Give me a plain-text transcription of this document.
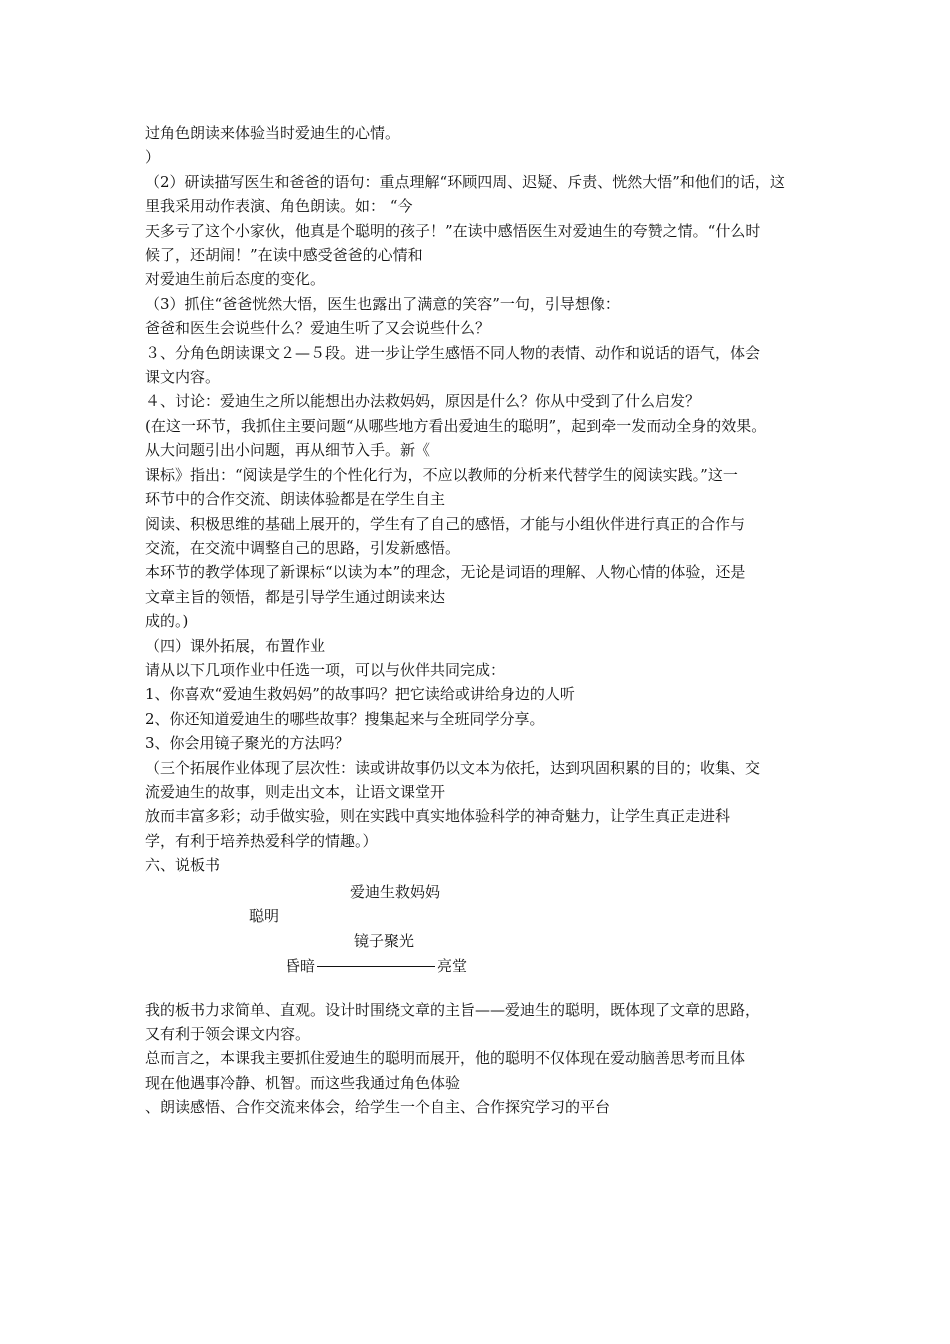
过角色朗读来体验当时爱迪生的心情。
）
（2）研读描写医生和爸爸的语句：重点理解“环顾四周、迟疑、斥责、恍然大悟”和他们的话，这
里我采用动作表演、角色朗读。如： “今
天多亏了这个小家伙，他真是个聪明的孩子！”在读中感悟医生对爱迪生的夸赞之情。“什么时
候了，还胡闹！”在读中感受爸爸的心情和
对爱迪生前后态度的变化。
（3）抓住“爸爸恍然大悟，医生也露出了满意的笑容”一句，引导想像：
爸爸和医生会说些什么？爱迪生听了又会说些什么？
３、分角色朗读课文２—５段。进一步让学生感悟不同人物的表情、动作和说话的语气，体会
课文内容。
４、讨论：爱迪生之所以能想出办法救妈妈，原因是什么？你从中受到了什么启发？
(在这一环节，我抓住主要问题“从哪些地方看出爱迪生的聪明”，起到牵一发而动全身的效果。
从大问题引出小问题，再从细节入手。新《
课标》指出：“阅读是学生的个性化行为，不应以教师的分析来代替学生的阅读实践。”这一
环节中的合作交流、朗读体验都是在学生自主
阅读、积极思维的基础上展开的，学生有了自己的感悟，才能与小组伙伴进行真正的合作与
交流，在交流中调整自己的思路，引发新感悟。
本环节的教学体现了新课标“以读为本”的理念，无论是词语的理解、人物心情的体验，还是
文章主旨的领悟，都是引导学生通过朗读来达
成的。)
（四）课外拓展，布置作业
请从以下几项作业中任选一项，可以与伙伴共同完成：
1、你喜欢“爱迪生救妈妈”的故事吗？把它读给或讲给身边的人听
2、你还知道爱迪生的哪些故事？搜集起来与全班同学分享。
3、你会用镜子聚光的方法吗？
（三个拓展作业体现了层次性：读或讲故事仍以文本为依托，达到巩固积累的目的；收集、交
流爱迪生的故事，则走出文本，让语文课堂开
放而丰富多彩；动手做实验，则在实践中真实地体验科学的神奇魅力，让学生真正走进科
学，有利于培养热爱科学的情趣。）
六、说板书
爱迪生救妈妈
聪明
镜子聚光
昏暗	亮堂
我的板书力求简单、直观。设计时围绕文章的主旨——爱迪生的聪明，既体现了文章的思路，
又有利于领会课文内容。
总而言之，本课我主要抓住爱迪生的聪明而展开，他的聪明不仅体现在爱动脑善思考而且体
现在他遇事冷静、机智。而这些我通过角色体验
、朗读感悟、合作交流来体会，给学生一个自主、合作探究学习的平台
